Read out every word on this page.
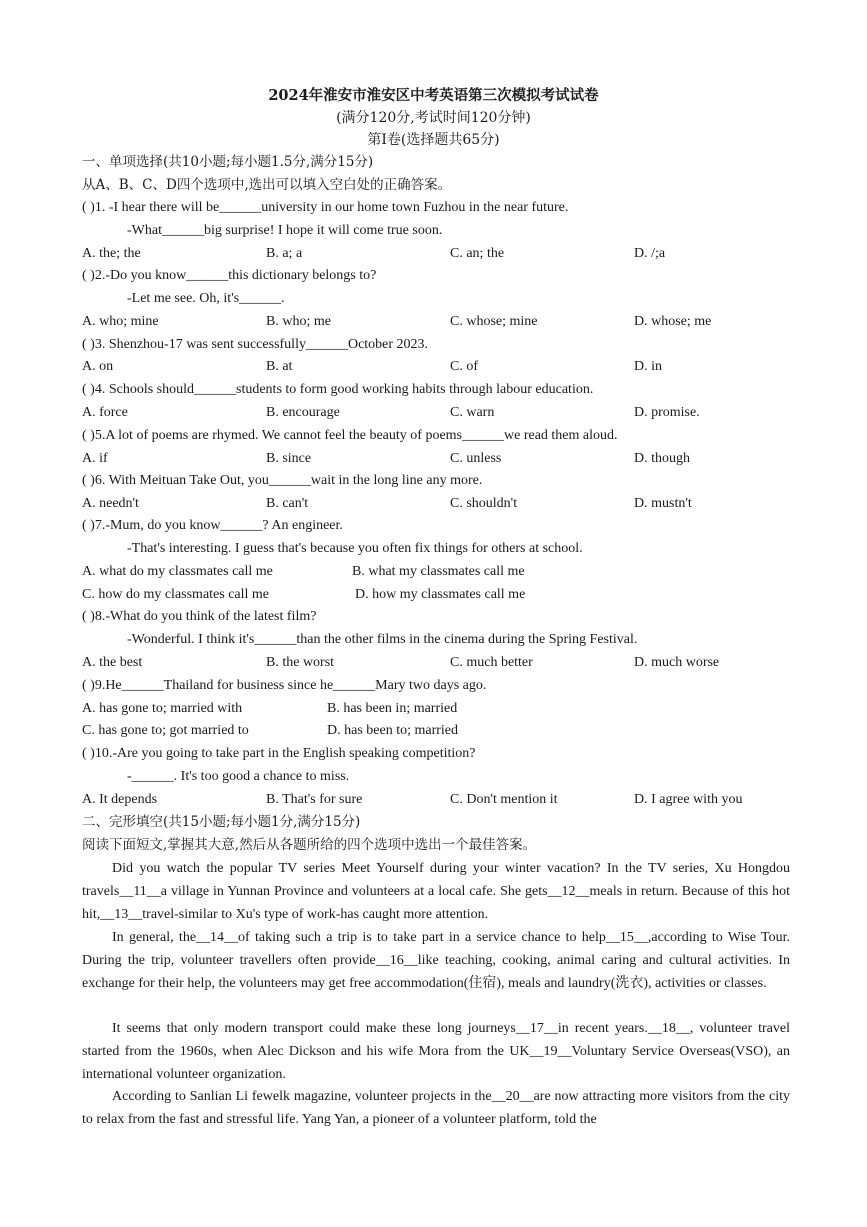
2024年淮安市淮安区中考英语第三次模拟考试试卷
(满分120分,考试时间120分钟)
第I卷(选择题共65分)
一、单项选择(共10小题;每小题1.5分,满分15分)
从A、B、C、D四个选项中,选出可以填入空白处的正确答案。
( )1. -I hear there will be______university in our home town Fuzhou in the near future.
-What______big surprise! I hope it will come true soon.
A. the; the	B. a; a	C. an; the	D. /;a
( )2.-Do you know______this dictionary belongs to?
-Let me see. Oh, it's______.
A. who; mine	B. who; me	C. whose; mine	D. whose; me
( )3. Shenzhou-17 was sent successfully______October 2023.
A. on	B. at	C. of	D. in
( )4. Schools should______students to form good working habits through labour education.
A. force	B. encourage	C. warn	D. promise.
( )5.A lot of poems are rhymed. We cannot feel the beauty of poems______we read them aloud.
A. if	B. since	C. unless	D. though
( )6. With Meituan Take Out, you______wait in the long line any more.
A. needn't	B. can't	C. shouldn't	D. mustn't
( )7.-Mum, do you know______? An engineer.
-That's interesting. I guess that's because you often fix things for others at school.
A. what do my classmates call me	B. what my classmates call me
C. how do my classmates call me	D. how my classmates call me
( )8.-What do you think of the latest film?
-Wonderful. I think it's______than the other films in the cinema during the Spring Festival.
A. the best	B. the worst	C. much better	D. much worse
( )9.He______Thailand for business since he______Mary two days ago.
A. has gone to; married with	B. has been in; married
C. has gone to; got married to	D. has been to; married
( )10.-Are you going to take part in the English speaking competition?
-______. It's too good a chance to miss.
A. It depends	B. That's for sure	C. Don't mention it	D. I agree with you
二、完形填空(共15小题;每小题1分,满分15分)
阅读下面短文,掌握其大意,然后从各题所给的四个选项中选出一个最佳答案。
Did you watch the popular TV series Meet Yourself during your winter vacation? In the TV series, Xu Hongdou travels__11__a village in Yunnan Province and volunteers at a local cafe. She gets__12__meals in return. Because of this hot hit,__13__travel-similar to Xu's type of work-has caught more attention.
In general, the__14__of taking such a trip is to take part in a service chance to help__15__,according to Wise Tour. During the trip, volunteer travellers often provide__16__like teaching, cooking, animal caring and cultural activities. In exchange for their help, the volunteers may get free accommodation(住宿), meals and laundry(洗衣), activities or classes.
It seems that only modern transport could make these long journeys__17__in recent years.__18__, volunteer travel started from the 1960s, when Alec Dickson and his wife Mora from the UK__19__Voluntary Service Overseas(VSO), an international volunteer organization.
According to Sanlian Li fewelk magazine, volunteer projects in the__20__are now attracting more visitors from the city to relax from the fast and stressful life. Yang Yan, a pioneer of a volunteer platform, told the
